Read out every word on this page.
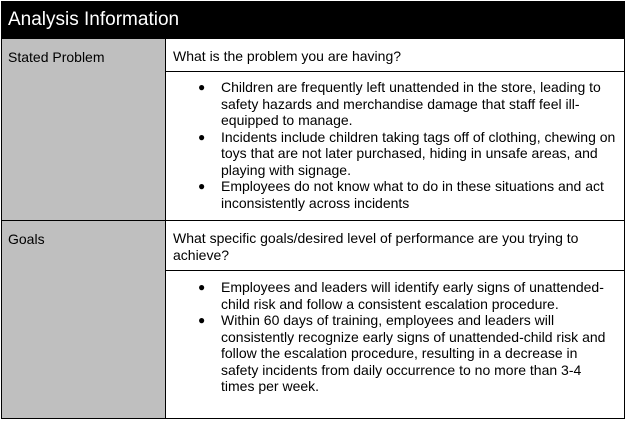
Analysis Information
Stated Problem	What is the problem you are having?
● Children are frequently left unattended in the store, leading to safety hazards and merchandise damage that staff feel ill-equipped to manage.
● Incidents include children taking tags off of clothing, chewing on toys that are not later purchased, hiding in unsafe areas, and playing with signage.
● Employees do not know what to do in these situations and act inconsistently across incidents
Goals	What specific goals/desired level of performance are you trying to achieve?
● Employees and leaders will identify early signs of unattended-child risk and follow a consistent escalation procedure.
● Within 60 days of training, employees and leaders will consistently recognize early signs of unattended-child risk and follow the escalation procedure, resulting in a decrease in safety incidents from daily occurrence to no more than 3-4 times per week.
